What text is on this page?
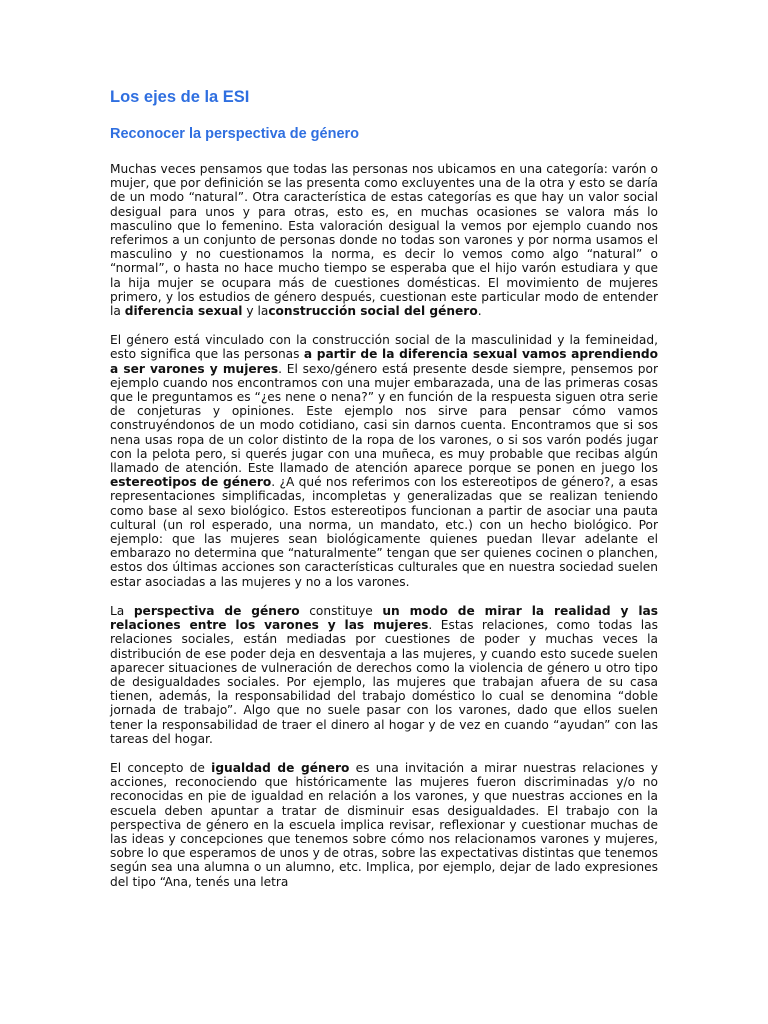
Los ejes de la ESI
Reconocer la perspectiva de género

Muchas veces pensamos que todas las personas nos ubicamos en una categoría: varón o mujer, que por definición se las presenta como excluyentes una de la otra y esto se daría de un modo “natural”. Otra característica de estas categorías es que hay un valor social desigual para unos y para otras, esto es, en muchas ocasiones se valora más lo masculino que lo femenino. Esta valoración desigual la vemos por ejemplo cuando nos referimos a un conjunto de personas donde no todas son varones y por norma usamos el masculino y no cuestionamos la norma, es decir lo vemos como algo “natural” o “normal”, o hasta no hace mucho tiempo se esperaba que el hijo varón estudiara y que la hija mujer se ocupara más de cuestiones domésticas. El movimiento de mujeres primero, y los estudios de género después, cuestionan este particular modo de entender la diferencia sexual y laconstrucción social del género.

El género está vinculado con la construcción social de la masculinidad y la femineidad, esto significa que las personas a partir de la diferencia sexual vamos aprendiendo a ser varones y mujeres. El sexo/género está presente desde siempre, pensemos por ejemplo cuando nos encontramos con una mujer embarazada, una de las primeras cosas que le preguntamos es “¿es nene o nena?” y en función de la respuesta siguen otra serie de conjeturas y opiniones. Este ejemplo nos sirve para pensar cómo vamos construyéndonos de un modo cotidiano, casi sin darnos cuenta. Encontramos que si sos nena usas ropa de un color distinto de la ropa de los varones, o si sos varón podés jugar con la pelota pero, si querés jugar con una muñeca, es muy probable que recibas algún llamado de atención. Este llamado de atención aparece porque se ponen en juego los estereotipos de género. ¿A qué nos referimos con los estereotipos de género?, a esas representaciones simplificadas, incompletas y generalizadas que se realizan teniendo como base al sexo biológico. Estos estereotipos funcionan a partir de asociar una pauta cultural (un rol esperado, una norma, un mandato, etc.) con un hecho biológico. Por ejemplo: que las mujeres sean biológicamente quienes puedan llevar adelante el embarazo no determina que “naturalmente” tengan que ser quienes cocinen o planchen, estos dos últimas acciones son características culturales que en nuestra sociedad suelen estar asociadas a las mujeres y no a los varones.

La perspectiva de género constituye un modo de mirar la realidad y las relaciones entre los varones y las mujeres. Estas relaciones, como todas las relaciones sociales, están mediadas por cuestiones de poder y muchas veces la distribución de ese poder deja en desventaja a las mujeres, y cuando esto sucede suelen aparecer situaciones de vulneración de derechos como la violencia de género u otro tipo de desigualdades sociales. Por ejemplo, las mujeres que trabajan afuera de su casa tienen, además, la responsabilidad del trabajo doméstico lo cual se denomina “doble jornada de trabajo”. Algo que no suele pasar con los varones, dado que ellos suelen tener la responsabilidad de traer el dinero al hogar y de vez en cuando “ayudan” con las tareas del hogar.

El concepto de igualdad de género es una invitación a mirar nuestras relaciones y acciones, reconociendo que históricamente las mujeres fueron discriminadas y/o no reconocidas en pie de igualdad en relación a los varones, y que nuestras acciones en la escuela deben apuntar a tratar de disminuir esas desigualdades. El trabajo con la perspectiva de género en la escuela implica revisar, reflexionar y cuestionar muchas de las ideas y concepciones que tenemos sobre cómo nos relacionamos varones y mujeres, sobre lo que esperamos de unos y de otras, sobre las expectativas distintas que tenemos según sea una alumna o un alumno, etc. Implica, por ejemplo, dejar de lado expresiones del tipo “Ana, tenés una letra
